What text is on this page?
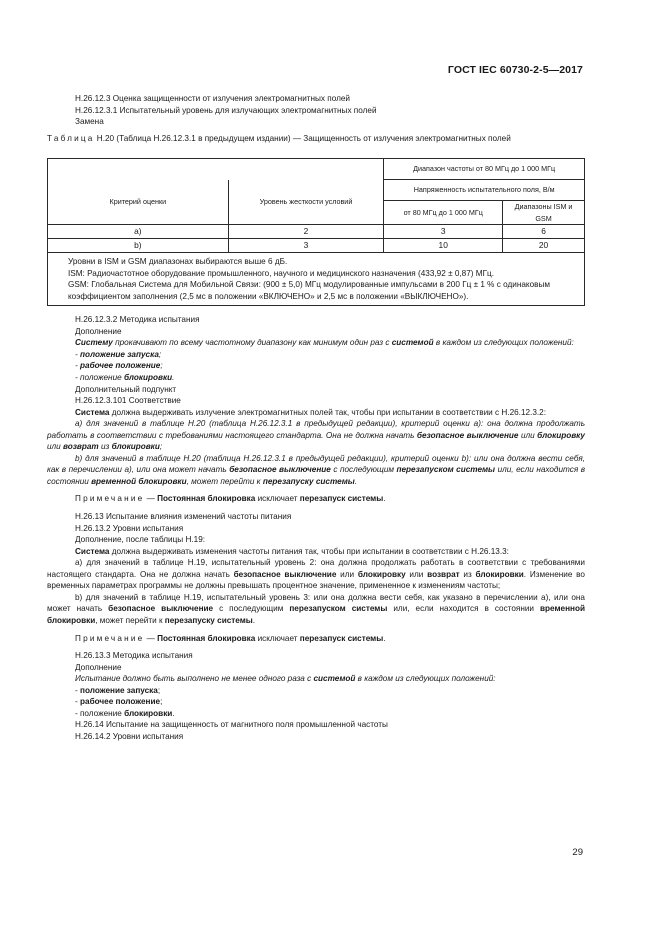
ГОСТ IEC 60730-2-5—2017

H.26.12.3 Оценка защищенности от излучения электромагнитных полей

H.26.12.3.1 Испытательный уровень для излучающих электромагнитных полей

Замена

Таблица H.20 (Таблица H.26.12.3.1 в предыдущем издании) — Защищенность от излучения электромагнитных полей

		Диапазон частоты от 80 МГц до 1 000 МГц	
Критерий оценки	Уровень жесткости условий	Напряженность испытательного поля, В/м	
		от 80 МГц до 1 000 МГц	Диапазоны ISM и GSM
a)	2	3	6
b)	3	10	20

Уровни в ISM и GSM диапазонах выбираются выше 6 дБ.

ISM: Радиочастотное оборудование промышленного, научного и медицинского назначения (433,92 ± 0,87) МГц.

GSM: Глобальная Система для Мобильной Связи: (900 ± 5,0) МГц модулированные импульсами в 200 Гц ± 1 % с одинаковым коэффициентом заполнения (2,5 мс в положении «ВКЛЮЧЕНО» и 2,5 мс в положении «ВЫКЛЮЧЕНО»).

H.26.12.3.2 Методика испытания

Дополнение

Систему прокачивают по всему частотному диапазону как минимум один раз с системой в каждом из следующих положений:

- положение запуска;

- рабочее положение;

- положение блокировки.

Дополнительный подпункт

H.26.12.3.101 Соответствие

Система должна выдерживать излучение электромагнитных полей так, чтобы при испытании в соответствии с H.26.12.3.2:

a) для значений в таблице H.20 (таблица H.26.12.3.1 в предыдущей редакции), критерий оценки a): она должна продолжать работать в соответствии с требованиями настоящего стандарта. Она не должна начать безопасное выключение или блокировку или возврат из блокировки;

b) для значений в таблице H.20 (таблица H.26.12.3.1 в предыдущей редакции), критерий оценки b): или она должна вести себя, как в перечислении a), или она может начать безопасное выключение с последующим перезапуском системы или, если находится в состоянии временной блокировки, может перейти к перезапуску системы.

Примечание — Постоянная блокировка исключает перезапуск системы.

H.26.13 Испытание влияния изменений частоты питания

H.26.13.2 Уровни испытания

Дополнение, после таблицы H.19:

Система должна выдерживать изменения частоты питания так, чтобы при испытании в соответствии с H.26.13.3:

a) для значений в таблице H.19, испытательный уровень 2: она должна продолжать работать в соответствии с требованиями настоящего стандарта. Она не должна начать безопасное выключение или блокировку или возврат из блокировки. Изменение во временных параметрах программы не должны превышать процентное значение, примененное к изменениям частоты;

b) для значений в таблице H.19, испытательный уровень 3: или она должна вести себя, как указано в перечислении a), или она может начать безопасное выключение с последующим перезапуском системы или, если находится в состоянии временной блокировки, может перейти к перезапуску системы.

Примечание — Постоянная блокировка исключает перезапуск системы.

H.26.13.3 Методика испытания

Дополнение

Испытание должно быть выполнено не менее одного раза с системой в каждом из следующих положений:

- положение запуска;

- рабочее положение;

- положение блокировки.

H.26.14 Испытание на защищенность от магнитного поля промышленной частоты

H.26.14.2 Уровни испытания

29
